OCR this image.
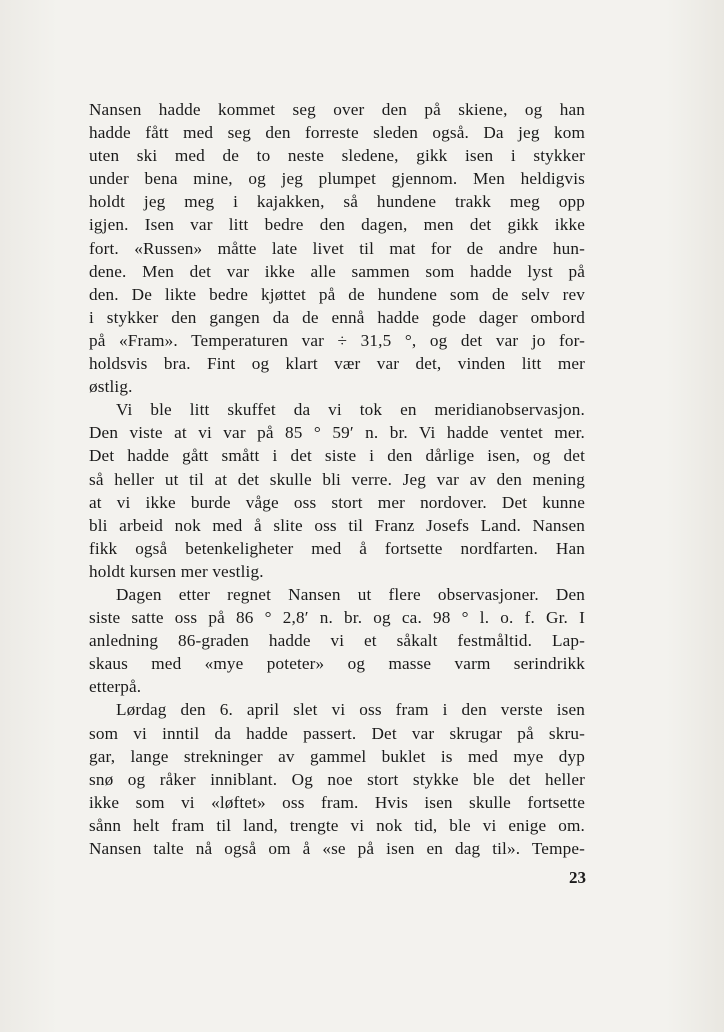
Nansen hadde kommet seg over den på skiene, og han
hadde fått med seg den forreste sleden også. Da jeg kom
uten ski med de to neste sledene, gikk isen i stykker
under bena mine, og jeg plumpet gjennom. Men heldigvis
holdt jeg meg i kajakken, så hundene trakk meg opp
igjen. Isen var litt bedre den dagen, men det gikk ikke
fort. «Russen» måtte late livet til mat for de andre hun-
dene. Men det var ikke alle sammen som hadde lyst på
den. De likte bedre kjøttet på de hundene som de selv rev
i stykker den gangen da de ennå hadde gode dager ombord
på «Fram». Temperaturen var ÷ 31,5 °, og det var jo for-
holdsvis bra. Fint og klart vær var det, vinden litt mer
østlig.
Vi ble litt skuffet da vi tok en meridianobservasjon.
Den viste at vi var på 85 ° 59′ n. br. Vi hadde ventet mer.
Det hadde gått smått i det siste i den dårlige isen, og det
så heller ut til at det skulle bli verre. Jeg var av den mening
at vi ikke burde våge oss stort mer nordover. Det kunne
bli arbeid nok med å slite oss til Franz Josefs Land. Nansen
fikk også betenkeligheter med å fortsette nordfarten. Han
holdt kursen mer vestlig.
Dagen etter regnet Nansen ut flere observasjoner. Den
siste satte oss på 86 ° 2,8′ n. br. og ca. 98 ° l. o. f. Gr. I
anledning 86-graden hadde vi et såkalt festmåltid. Lap-
skaus med «mye poteter» og masse varm serindrikk
etterpå.
Lørdag den 6. april slet vi oss fram i den verste isen
som vi inntil da hadde passert. Det var skrugar på skru-
gar, lange strekninger av gammel buklet is med mye dyp
snø og råker inniblant. Og noe stort stykke ble det heller
ikke som vi «løftet» oss fram. Hvis isen skulle fortsette
sånn helt fram til land, trengte vi nok tid, ble vi enige om.
Nansen talte nå også om å «se på isen en dag til». Tempe-
23
